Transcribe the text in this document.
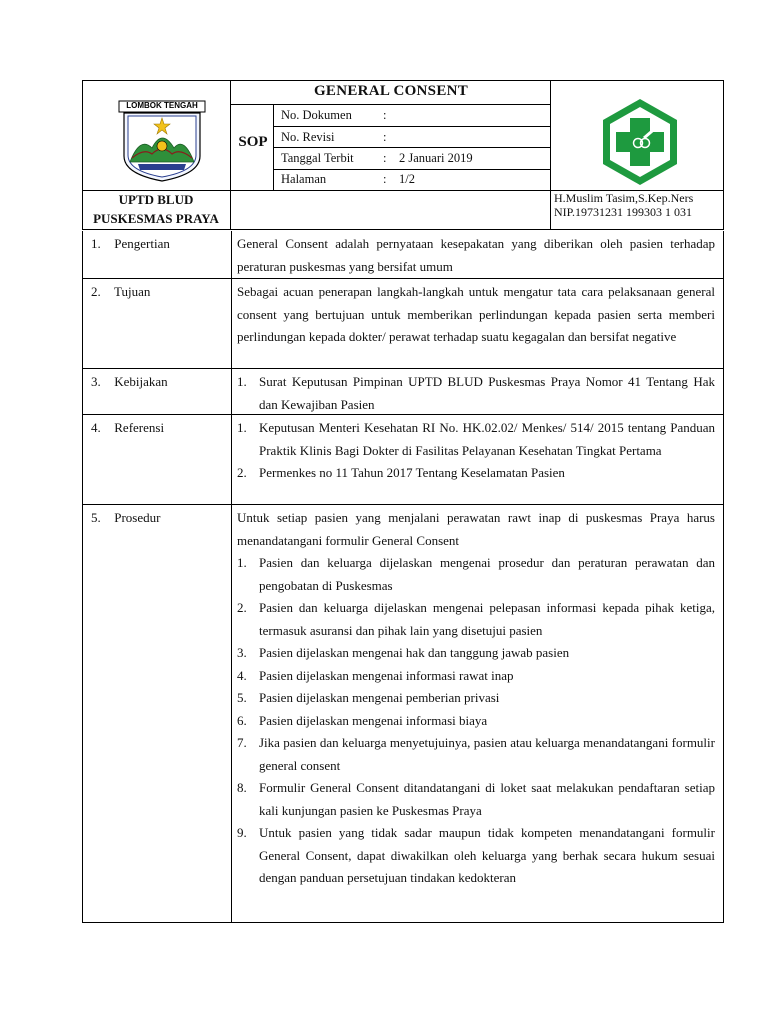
LOMBOK TENGAH
UPTD BLUD
PUSKESMAS PRAYA
GENERAL CONSENT
SOP
No. Dokumen	:
No. Revisi	:
Tanggal Terbit	: 2 Januari 2019
Halaman	: 1/2
H.Muslim Tasim,S.Kep.Ners
NIP.19731231 199303 1 031
1. Pengertian	General Consent adalah pernyataan kesepakatan yang diberikan oleh pasien terhadap peraturan puskesmas yang bersifat umum

2. Tujuan	Sebagai acuan penerapan langkah-langkah untuk mengatur tata cara pelaksanaan general consent yang bertujuan untuk memberikan perlindungan kepada pasien serta memberi perlindungan kepada dokter/ perawat terhadap suatu kegagalan dan bersifat negative

3. Kebijakan	1. Surat Keputusan Pimpinan UPTD BLUD Puskesmas Praya Nomor 41 Tentang Hak dan Kewajiban Pasien
4. Referensi	1. Keputusan Menteri Kesehatan RI No. HK.02.02/ Menkes/ 514/ 2015 tentang Panduan Praktik Klinis Bagi Dokter di Fasilitas Pelayanan Kesehatan Tingkat Pertama
2. Permenkes no 11 Tahun 2017 Tentang Keselamatan Pasien
5. Prosedur	Untuk setiap pasien yang menjalani perawatan rawt inap di puskesmas Praya harus menandatangani formulir General Consent

1. Pasien dan keluarga dijelaskan mengenai prosedur dan peraturan perawatan dan pengobatan di Puskesmas
2. Pasien dan keluarga dijelaskan mengenai pelepasan informasi kepada pihak ketiga, termasuk asuransi dan pihak lain yang disetujui pasien
3. Pasien dijelaskan mengenai hak dan tanggung jawab pasien
4. Pasien dijelaskan mengenai informasi rawat inap
5. Pasien dijelaskan mengenai pemberian privasi
6. Pasien dijelaskan mengenai informasi biaya
7. Jika pasien dan keluarga menyetujuinya, pasien atau keluarga menandatangani formulir general consent
8. Formulir General Consent ditandatangani di loket saat melakukan pendaftaran setiap kali kunjungan pasien ke Puskesmas Praya
9. Untuk pasien yang tidak sadar maupun tidak kompeten menandatangani formulir General Consent, dapat diwakilkan oleh keluarga yang berhak secara hukum sesuai dengan panduan persetujuan tindakan kedokteran
